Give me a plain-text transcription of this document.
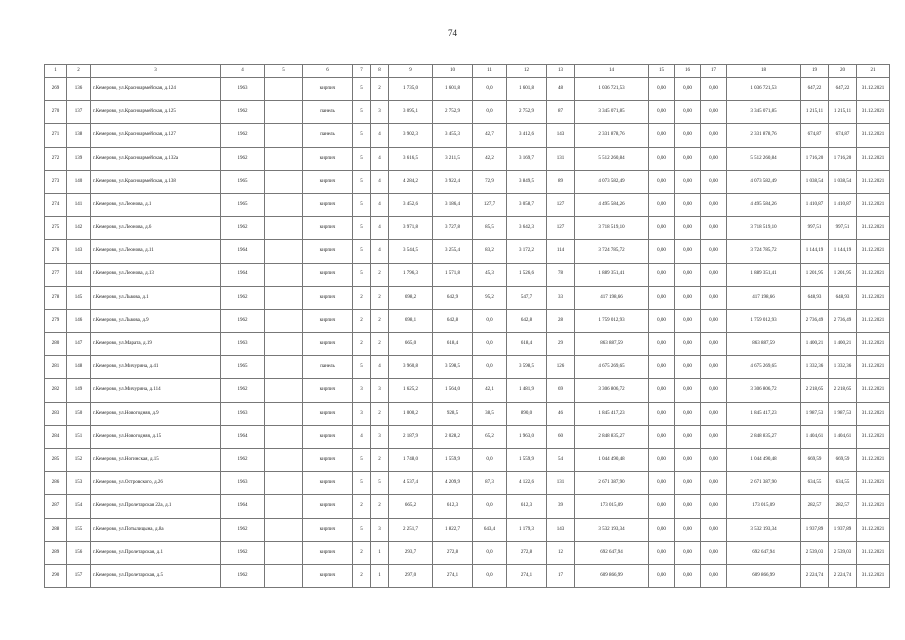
74
1	2	3	4	5	6	7	8	9	10	11	12	13	14	15	16	17	18	19	20	21
269	136	г.Кемерово, ул.Красноармейская, д.124	1963		кирпич	5	2	1 735,0	1 601,8	0,0	1 601,8	48	1 036 721,53	0,00	0,00	0,00	1 036 721,53	647,22	647,22	31.12.2021
270	137	г.Кемерово, ул.Красноармейская, д.125	1962		панель	5	3	3 095,1	2 752,9	0,0	2 752,9	87	3 345 071,85	0,00	0,00	0,00	3 345 071,85	1 215,11	1 215,11	31.12.2021
271	138	г.Кемерово, ул.Красноармейская, д.127	1962		панель	5	4	3 902,3	3 455,3	42,7	3 412,6	143	2 331 878,76	0,00	0,00	0,00	2 331 878,76	674,87	674,87	31.12.2021
272	139	г.Кемерово, ул.Красноармейская, д.132а	1962		кирпич	5	4	3 616,5	3 211,5	42,2	3 169,7	131	5 512 260,84	0,00	0,00	0,00	5 512 260,84	1 716,20	1 716,20	31.12.2021
273	140	г.Кемерово, ул.Красноармейская, д.138	1965		кирпич	5	4	4 284,2	3 922,4	72,9	3 849,5	89	4 073 582,49	0,00	0,00	0,00	4 073 582,49	1 038,54	1 038,54	31.12.2021
274	141	г.Кемерово, ул.Леонова, д.1	1965		кирпич	5	4	3 452,6	3 186,4	127,7	3 058,7	127	4 495 584,26	0,00	0,00	0,00	4 495 584,26	1 410,87	1 410,87	31.12.2021
275	142	г.Кемерово, ул.Леонова, д.6	1962		кирпич	5	4	3 971,8	3 727,8	85,5	3 642,3	127	3 718 519,10	0,00	0,00	0,00	3 718 519,10	997,51	997,51	31.12.2021
276	143	г.Кемерово, ул.Леонова, д.11	1964		кирпич	5	4	3 544,5	3 255,4	83,2	3 172,2	114	3 724 785,72	0,00	0,00	0,00	3 724 785,72	1 144,19	1 144,19	31.12.2021
277	144	г.Кемерово, ул.Леонова, д.13	1964		кирпич	5	2	1 796,3	1 571,8	45,3	1 526,6	78	1 889 351,41	0,00	0,00	0,00	1 889 351,41	1 201,95	1 201,95	31.12.2021
278	145	г.Кемерово, ул.Львова, д.1	1962		кирпич	2	2	698,2	642,9	95,2	547,7	33	417 198,66	0,00	0,00	0,00	417 198,66	648,93	648,93	31.12.2021
279	146	г.Кемерово, ул.Львова, д.9	1962		кирпич	2	2	698,1	642,8	0,0	642,8	28	1 759 012,93	0,00	0,00	0,00	1 759 012,93	2 736,49	2 736,49	31.12.2021
280	147	г.Кемерово, ул.Марата, д.19	1963		кирпич	2	2	665,0	618,4	0,0	618,4	29	863 887,59	0,00	0,00	0,00	863 887,59	1 400,21	1 400,21	31.12.2021
281	148	г.Кемерово, ул.Мичурина, д.41	1965		панель	5	4	3 960,8	3 598,5	0,0	3 598,5	126	4 675 269,65	0,00	0,00	0,00	4 675 269,65	1 332,36	1 332,36	31.12.2021
282	149	г.Кемерово, ул.Мичурина, д.114	1962		кирпич	3	3	1 625,2	1 564,0	42,1	1 481,9	69	3 306 806,72	0,00	0,00	0,00	3 306 806,72	2 218,65	2 218,65	31.12.2021
283	150	г.Кемерово, ул.Новогодняя, д.9	1963		кирпич	3	2	1 000,2	928,5	38,5	890,0	46	1 845 417,23	0,00	0,00	0,00	1 845 417,23	1 987,53	1 987,53	31.12.2021
284	151	г.Кемерово, ул.Новогодняя, д.15	1964		кирпич	4	3	2 187,9	2 028,2	65,2	1 963,0	60	2 848 835,27	0,00	0,00	0,00	2 848 835,27	1 404,61	1 404,61	31.12.2021
285	152	г.Кемерово, ул.Ногинская, д.15	1962		кирпич	5	2	1 748,0	1 559,9	0,0	1 559,9	54	1 044 490,48	0,00	0,00	0,00	1 044 490,48	669,59	669,59	31.12.2021
286	153	г.Кемерово, ул.Островского, д.26	1963		кирпич	5	5	4 537,4	4 209,9	87,3	4 122,6	131	2 671 387,90	0,00	0,00	0,00	2 671 387,90	634,55	634,55	31.12.2021
287	154	г.Кемерово, ул.Пролетарская 22а, д.1	1964		кирпич	2	2	665,2	612,3	0,0	612,3	39	173 015,09	0,00	0,00	0,00	173 015,09	282,57	282,57	31.12.2021
288	155	г.Кемерово, ул.Потылицына, д.8а	1962		кирпич	5	3	2 251,7	1 822,7	643,4	1 179,3	143	3 532 193,34	0,00	0,00	0,00	3 532 193,34	1 937,89	1 937,89	31.12.2021
289	156	г.Кемерово, ул.Пролетарская, д.1	1962		кирпич	2	1	293,7	272,8	0,0	272,8	12	692 647,94	0,00	0,00	0,00	692 647,94	2 539,03	2 539,03	31.12.2021
290	157	г.Кемерово, ул.Пролетарская, д.5	1962		кирпич	2	1	297,0	274,1	0,0	274,1	17	609 866,99	0,00	0,00	0,00	609 866,99	2 224,74	2 224,74	31.12.2021
